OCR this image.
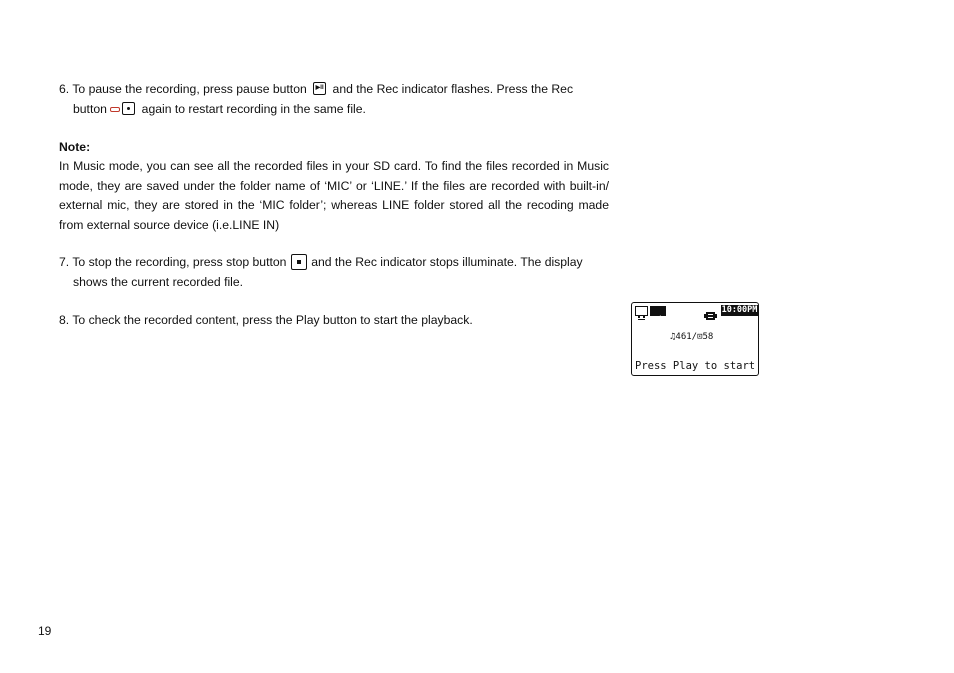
6. To pause the recording, press pause button ▶II and the Rec indicator flashes. Press the Rec
button	again to restart recording in the same file.
Note:
In Music mode, you can see all the recorded files in your SD card. To find the files recorded in Music mode, they are saved under the folder name of ‘MIC’ or ‘LINE.’ If the files are recorded with built-in/ external mic, they are stored in the ‘MIC folder’; whereas LINE folder stored all the recoding made from external source device (i.e.LINE IN)
7. To stop the recording, press stop button and the Rec indicator stops illuminate. The display
shows the current recorded file.
8. To check the recorded content, press the Play button to start the playback.
10:00PM
♫461/⊡58
Press Play to start
19
